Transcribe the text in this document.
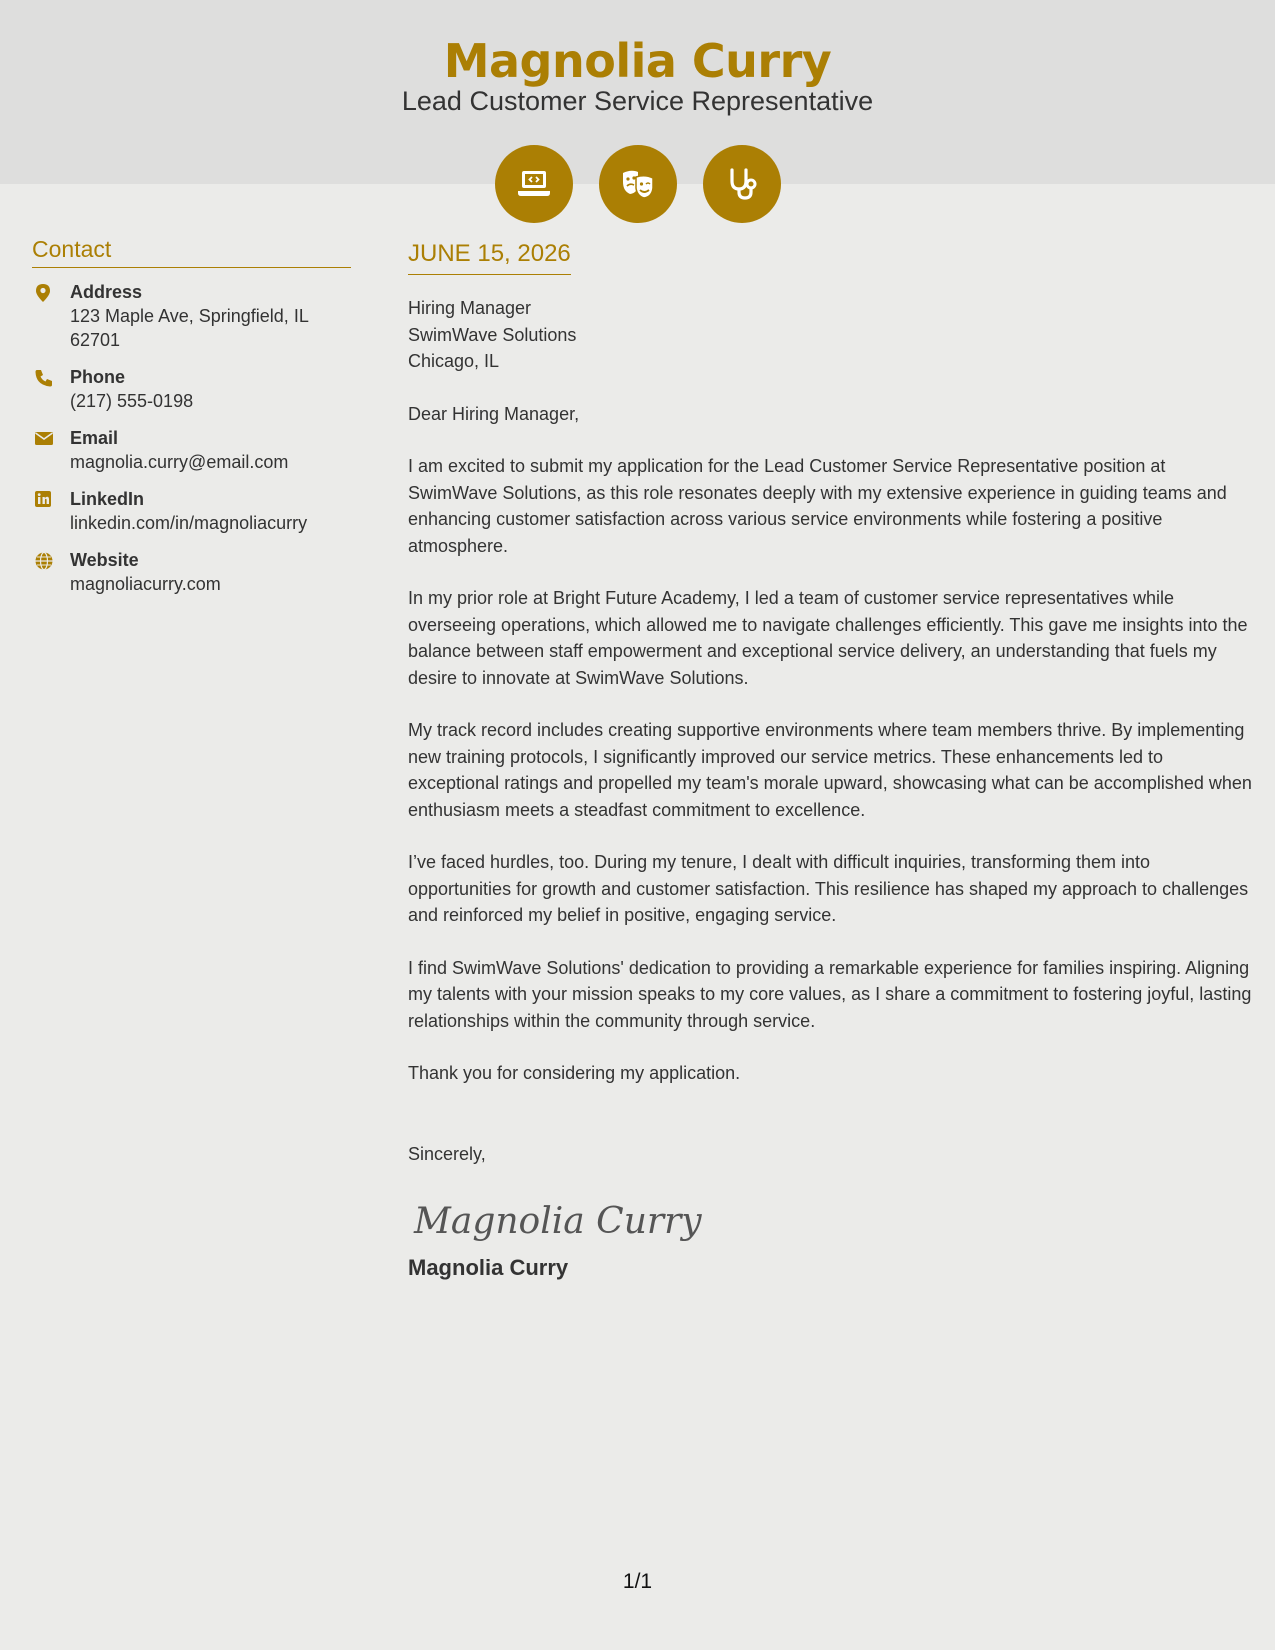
Magnolia Curry
Lead Customer Service Representative
Contact
Address
123 Maple Ave, Springfield, IL 62701
Phone
(217) 555-0198
Email
magnolia.curry@email.com
LinkedIn
linkedin.com/in/magnoliacurry
Website
magnoliacurry.com
JUNE 15, 2026
Hiring Manager
SwimWave Solutions
Chicago, IL
Dear Hiring Manager,
I am excited to submit my application for the Lead Customer Service Representative position at SwimWave Solutions, as this role resonates deeply with my extensive experience in guiding teams and enhancing customer satisfaction across various service environments while fostering a positive atmosphere.
In my prior role at Bright Future Academy, I led a team of customer service representatives while overseeing operations, which allowed me to navigate challenges efficiently. This gave me insights into the balance between staff empowerment and exceptional service delivery, an understanding that fuels my desire to innovate at SwimWave Solutions.
My track record includes creating supportive environments where team members thrive. By implementing new training protocols, I significantly improved our service metrics. These enhancements led to exceptional ratings and propelled my team's morale upward, showcasing what can be accomplished when enthusiasm meets a steadfast commitment to excellence.
I’ve faced hurdles, too. During my tenure, I dealt with difficult inquiries, transforming them into opportunities for growth and customer satisfaction. This resilience has shaped my approach to challenges and reinforced my belief in positive, engaging service.
I find SwimWave Solutions' dedication to providing a remarkable experience for families inspiring. Aligning my talents with your mission speaks to my core values, as I share a commitment to fostering joyful, lasting relationships within the community through service.
Thank you for considering my application.
Sincerely,
Magnolia Curry
Magnolia Curry
1/1
